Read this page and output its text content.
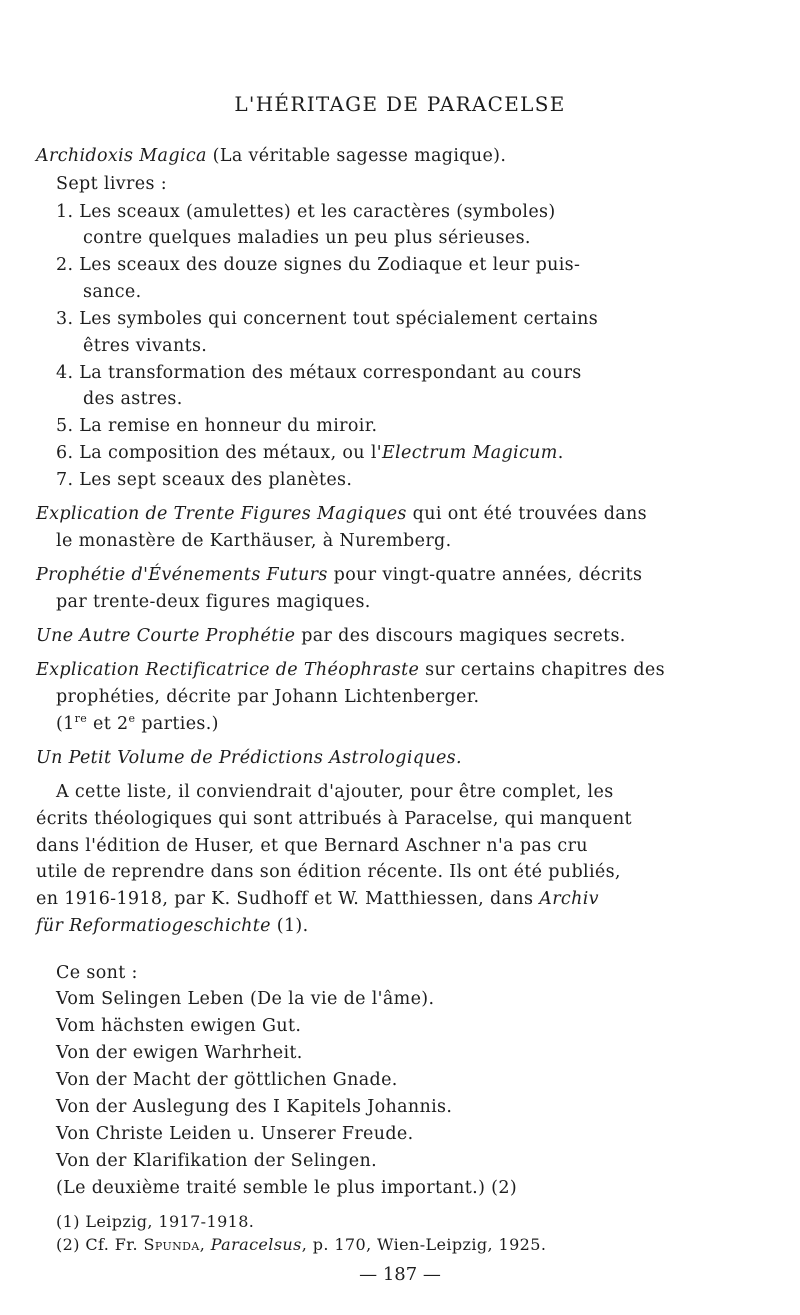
L'HÉRITAGE DE PARACELSE
Archidoxis Magica (La véritable sagesse magique).
Sept livres :
1. Les sceaux (amulettes) et les caractères (symboles)
contre quelques maladies un peu plus sérieuses.
2. Les sceaux des douze signes du Zodiaque et leur puis-
sance.
3. Les symboles qui concernent tout spécialement certains
êtres vivants.
4. La transformation des métaux correspondant au cours
des astres.
5. La remise en honneur du miroir.
6. La composition des métaux, ou l'Electrum Magicum.
7. Les sept sceaux des planètes.
Explication de Trente Figures Magiques qui ont été trouvées dans
le monastère de Karthäuser, à Nuremberg.
Prophétie d'Événements Futurs pour vingt-quatre années, décrits
par trente-deux figures magiques.
Une Autre Courte Prophétie par des discours magiques secrets.
Explication Rectificatrice de Théophraste sur certains chapitres des
prophéties, décrite par Johann Lichtenberger.
(1re et 2e parties.)
Un Petit Volume de Prédictions Astrologiques.
A cette liste, il conviendrait d'ajouter, pour être complet, les
écrits théologiques qui sont attribués à Paracelse, qui manquent
dans l'édition de Huser, et que Bernard Aschner n'a pas cru
utile de reprendre dans son édition récente. Ils ont été publiés,
en 1916-1918, par K. Sudhoff et W. Matthiessen, dans Archiv
für Reformatiogeschichte (1).
Ce sont :
Vom Selingen Leben (De la vie de l'âme).
Vom hächsten ewigen Gut.
Von der ewigen Warhrheit.
Von der Macht der göttlichen Gnade.
Von der Auslegung des I Kapitels Johannis.
Von Christe Leiden u. Unserer Freude.
Von der Klarifikation der Selingen.
(Le deuxième traité semble le plus important.) (2)
(1) Leipzig, 1917-1918.
(2) Cf. Fr. Spunda, Paracelsus, p. 170, Wien-Leipzig, 1925.
— 187 —
